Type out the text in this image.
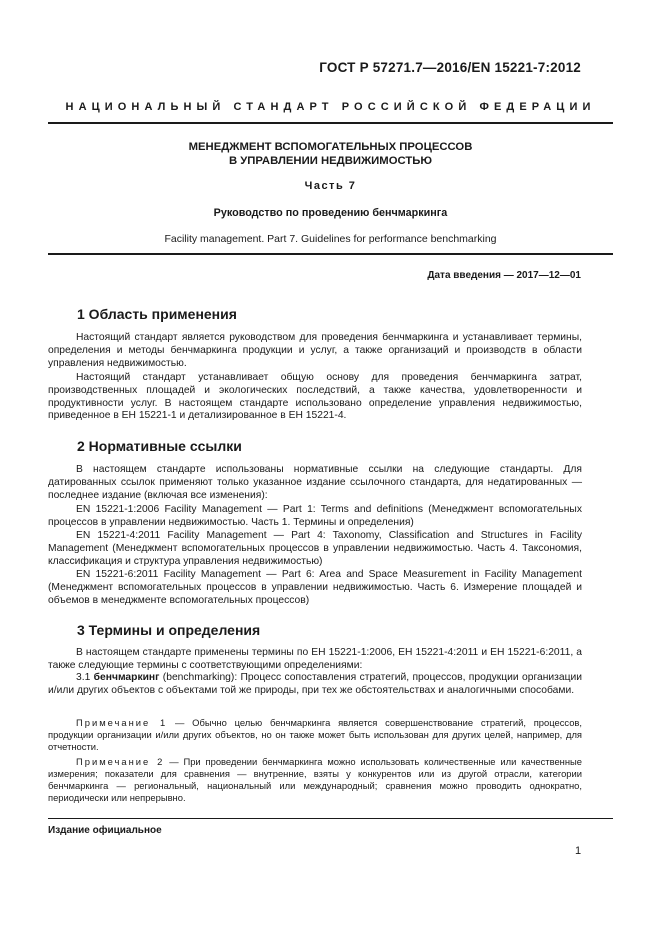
ГОСТ Р 57271.7—2016/EN 15221-7:2012
НАЦИОНАЛЬНЫЙ СТАНДАРТ РОССИЙСКОЙ ФЕДЕРАЦИИ
МЕНЕДЖМЕНТ ВСПОМОГАТЕЛЬНЫХ ПРОЦЕССОВ
В УПРАВЛЕНИИ НЕДВИЖИМОСТЬЮ
Часть 7
Руководство по проведению бенчмаркинга
Facility management. Part 7. Guidelines for performance benchmarking
Дата введения — 2017—12—01
1 Область применения

Настоящий стандарт является руководством для проведения бенчмаркинга и устанавливает термины, определения и методы бенчмаркинга продукции и услуг, а также организаций и производств в области управления недвижимостью.

Настоящий стандарт устанавливает общую основу для проведения бенчмаркинга затрат, производственных площадей и экологических последствий, а также качества, удовлетворенности и продуктивности услуг. В настоящем стандарте использовано определение управления недвижимостью, приведенное в ЕН 15221-1 и детализированное в ЕН 15221-4.

2 Нормативные ссылки

В настоящем стандарте использованы нормативные ссылки на следующие стандарты. Для датированных ссылок применяют только указанное издание ссылочного стандарта, для недатированных — последнее издание (включая все изменения):

EN 15221-1:2006 Facility Management — Part 1: Terms and definitions (Менеджмент вспомогательных процессов в управлении недвижимостью. Часть 1. Термины и определения)

EN 15221-4:2011 Facility Management — Part 4: Taxonomy, Classification and Structures in Facility Management (Менеджмент вспомогательных процессов в управлении недвижимостью. Часть 4. Таксономия, классификация и структура управления недвижимостью)

EN 15221-6:2011 Facility Management — Part 6: Area and Space Measurement in Facility Management (Менеджмент вспомогательных процессов в управлении недвижимостью. Часть 6. Измерение площадей и объемов в менеджменте вспомогательных процессов)

3 Термины и определения

В настоящем стандарте применены термины по ЕН 15221-1:2006, ЕН 15221-4:2011 и ЕН 15221-6:2011, а также следующие термины с соответствующими определениями:

3.1 бенчмаркинг (benchmarking): Процесс сопоставления стратегий, процессов, продукции организации и/или других объектов с объектами той же природы, при тех же обстоятельствах и аналогичными способами.

Примечание 1 — Обычно целью бенчмаркинга является совершенствование стратегий, процессов, продукции организации и/или других объектов, но он также может быть использован для других целей, например, для отчетности.

Примечание 2 — При проведении бенчмаркинга можно использовать количественные или качественные измерения; показатели для сравнения — внутренние, взяты у конкурентов или из другой отрасли, категории бенчмаркинга — региональный, национальный или международный; сравнения можно проводить однократно, периодически или непрерывно.

Издание официальное
1
